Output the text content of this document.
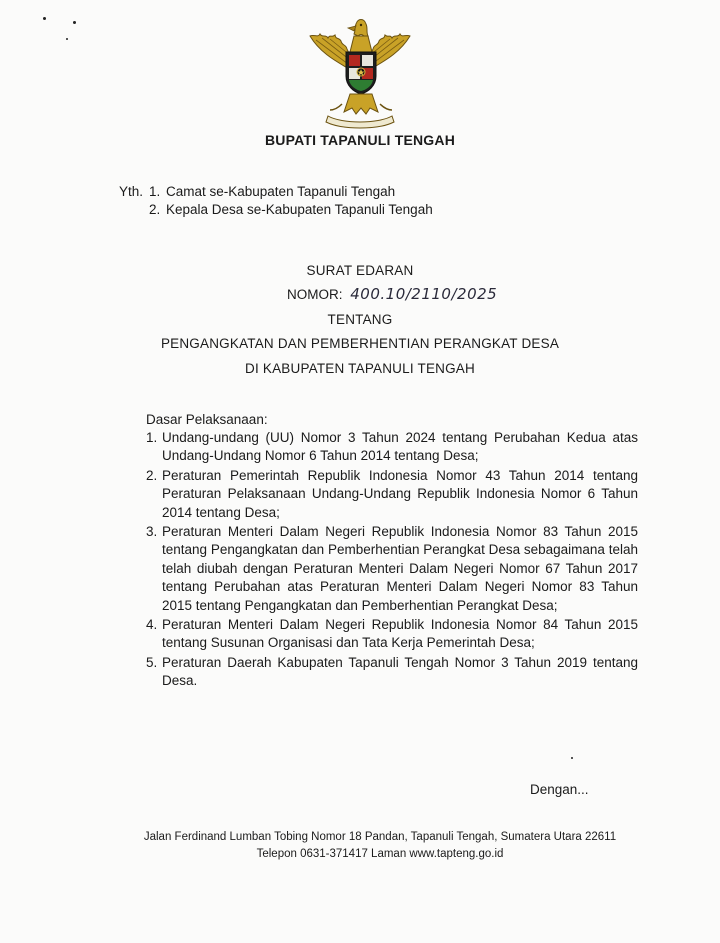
BUPATI TAPANULI TENGAH
Yth. 1. Camat se-Kabupaten Tapanuli Tengah
2. Kepala Desa se-Kabupaten Tapanuli Tengah
SURAT EDARAN
NOMOR: 400.10/2110/2025
TENTANG
PENGANGKATAN DAN PEMBERHENTIAN PERANGKAT DESA
DI KABUPATEN TAPANULI TENGAH
Dasar Pelaksanaan:
1. Undang-undang (UU) Nomor 3 Tahun 2024 tentang Perubahan Kedua atas Undang-Undang Nomor 6 Tahun 2014 tentang Desa;
2. Peraturan Pemerintah Republik Indonesia Nomor 43 Tahun 2014 tentang Peraturan Pelaksanaan Undang-Undang Republik Indonesia Nomor 6 Tahun 2014 tentang Desa;
3. Peraturan Menteri Dalam Negeri Republik Indonesia Nomor 83 Tahun 2015 tentang Pengangkatan dan Pemberhentian Perangkat Desa sebagaimana telah telah diubah dengan Peraturan Menteri Dalam Negeri Nomor 67 Tahun 2017 tentang Perubahan atas Peraturan Menteri Dalam Negeri Nomor 83 Tahun 2015 tentang Pengangkatan dan Pemberhentian Perangkat Desa;
4. Peraturan Menteri Dalam Negeri Republik Indonesia Nomor 84 Tahun 2015 tentang Susunan Organisasi dan Tata Kerja Pemerintah Desa;
5. Peraturan Daerah Kabupaten Tapanuli Tengah Nomor 3 Tahun 2019 tentang Desa.
Dengan...
Jalan Ferdinand Lumban Tobing Nomor 18 Pandan, Tapanuli Tengah, Sumatera Utara 22611
Telepon 0631-371417 Laman www.tapteng.go.id
